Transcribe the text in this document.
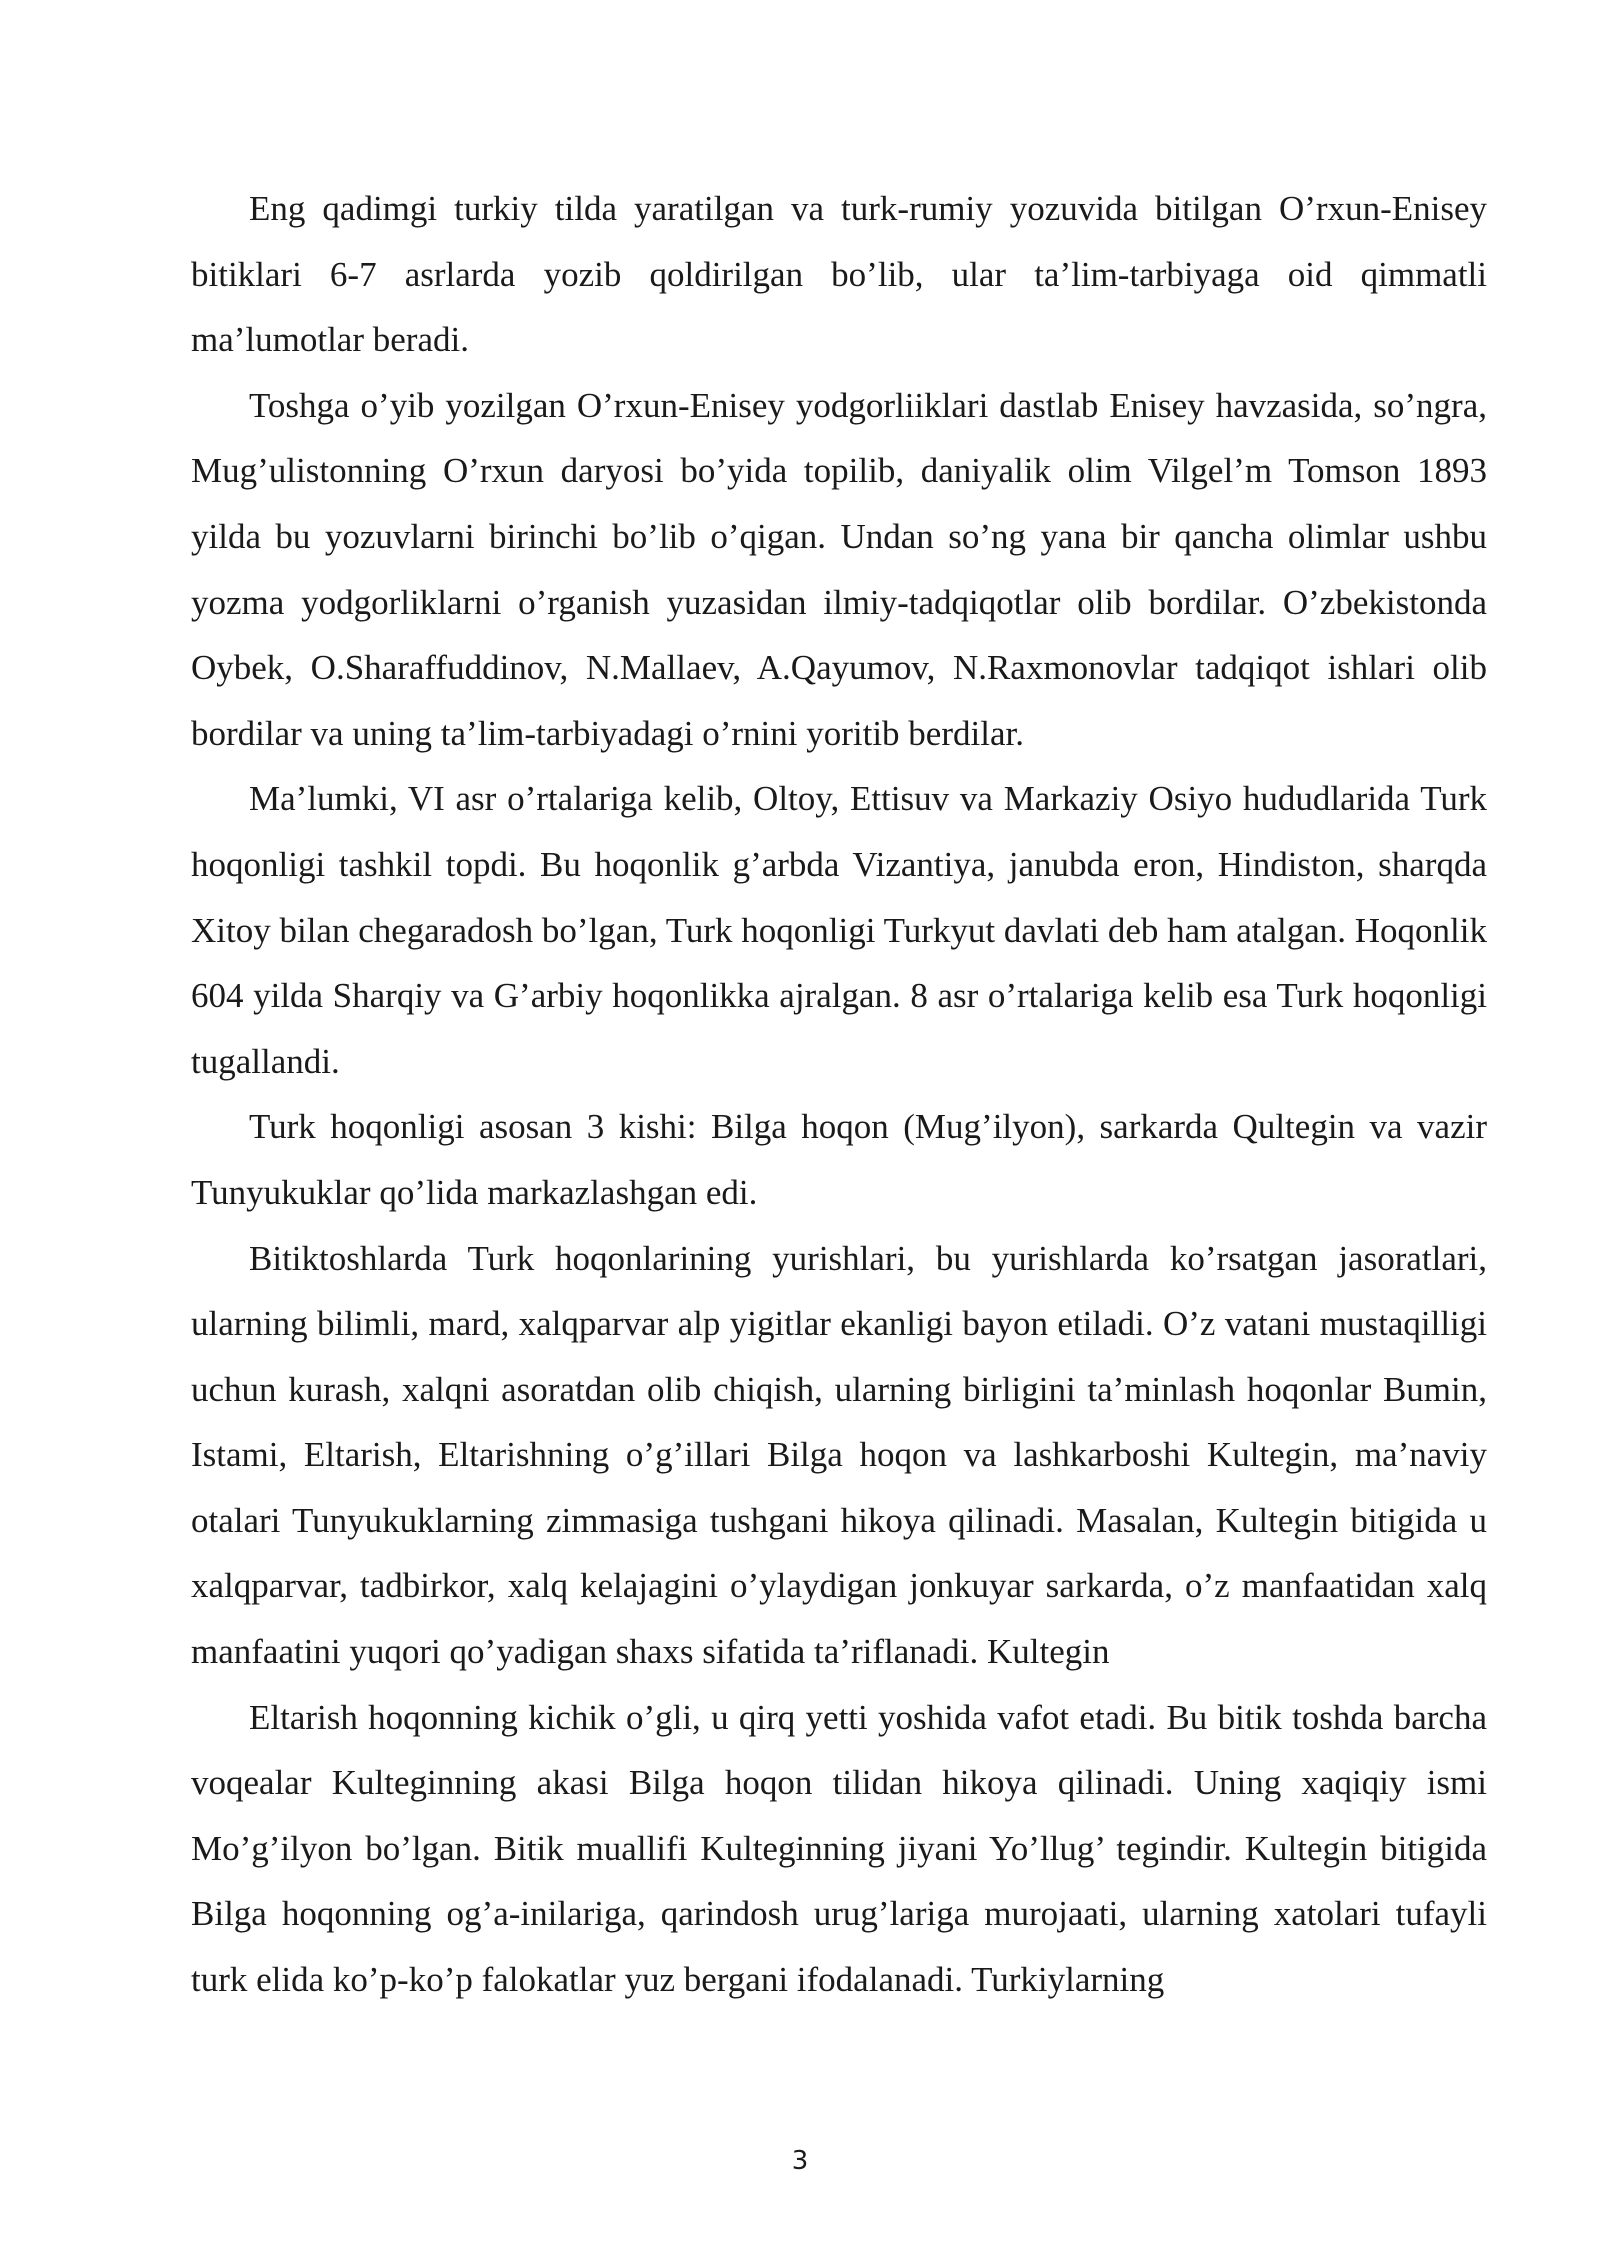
Eng qadimgi turkiy tilda yaratilgan va turk-rumiy yozuvida bitilgan O’rxun-Enisey bitiklari 6-7 asrlarda yozib qoldirilgan bo’lib, ular ta’lim-tarbiyaga oid qimmatli ma’lumotlar beradi.

Toshga o’yib yozilgan O’rxun-Enisey yodgorliiklari dastlab Enisey havzasida, so’ngra, Mug’ulistonning O’rxun daryosi bo’yida topilib, daniyalik olim Vilgel’m Tomson 1893 yilda bu yozuvlarni birinchi bo’lib o’qigan. Undan so’ng yana bir qancha olimlar ushbu yozma yodgorliklarni o’rganish yuzasidan ilmiy-tadqiqotlar olib bordilar. O’zbekistonda Oybek, O.Sharaffuddinov, N.Mallaev, A.Qayumov, N.Raxmonovlar tadqiqot ishlari olib bordilar va uning ta’lim-tarbiyadagi o’rnini yoritib berdilar.

Ma’lumki, VI asr o’rtalariga kelib, Oltoy, Ettisuv va Markaziy Osiyo hududlarida Turk hoqonligi tashkil topdi. Bu hoqonlik g’arbda Vizantiya, janubda eron, Hindiston, sharqda Xitoy bilan chegaradosh bo’lgan, Turk hoqonligi Turkyut davlati deb ham atalgan. Hoqonlik 604 yilda Sharqiy va G’arbiy hoqonlikka ajralgan. 8 asr o’rtalariga kelib esa Turk hoqonligi tugallandi.

Turk hoqonligi asosan 3 kishi: Bilga hoqon (Mug’ilyon), sarkarda Qultegin va vazir Tunyukuklar qo’lida markazlashgan edi.

Bitiktoshlarda Turk hoqonlarining yurishlari, bu yurishlarda ko’rsatgan jasoratlari, ularning bilimli, mard, xalqparvar alp yigitlar ekanligi bayon etiladi. O’z vatani mustaqilligi uchun kurash, xalqni asoratdan olib chiqish, ularning birligini ta’minlash hoqonlar Bumin, Istami, Eltarish, Eltarishning o’g’illari Bilga hoqon va lashkarboshi Kultegin, ma’naviy otalari Tunyukuklarning zimmasiga tushgani hikoya qilinadi. Masalan, Kultegin bitigida u xalqparvar, tadbirkor, xalq kelajagini o’ylaydigan jonkuyar sarkarda, o’z manfaatidan xalq manfaatini yuqori qo’yadigan shaxs sifatida ta’riflanadi. Kultegin

Eltarish hoqonning kichik o’gli, u qirq yetti yoshida vafot etadi. Bu bitik toshda barcha voqealar Kulteginning akasi Bilga hoqon tilidan hikoya qilinadi. Uning xaqiqiy ismi Mo’g’ilyon bo’lgan. Bitik muallifi Kulteginning jiyani Yo’llug’ tegindir. Kultegin bitigida Bilga hoqonning og’a-inilariga, qarindosh urug’lariga murojaati, ularning xatolari tufayli turk elida ko’p-ko’p falokatlar yuz bergani ifodalanadi. Turkiylarning

3
